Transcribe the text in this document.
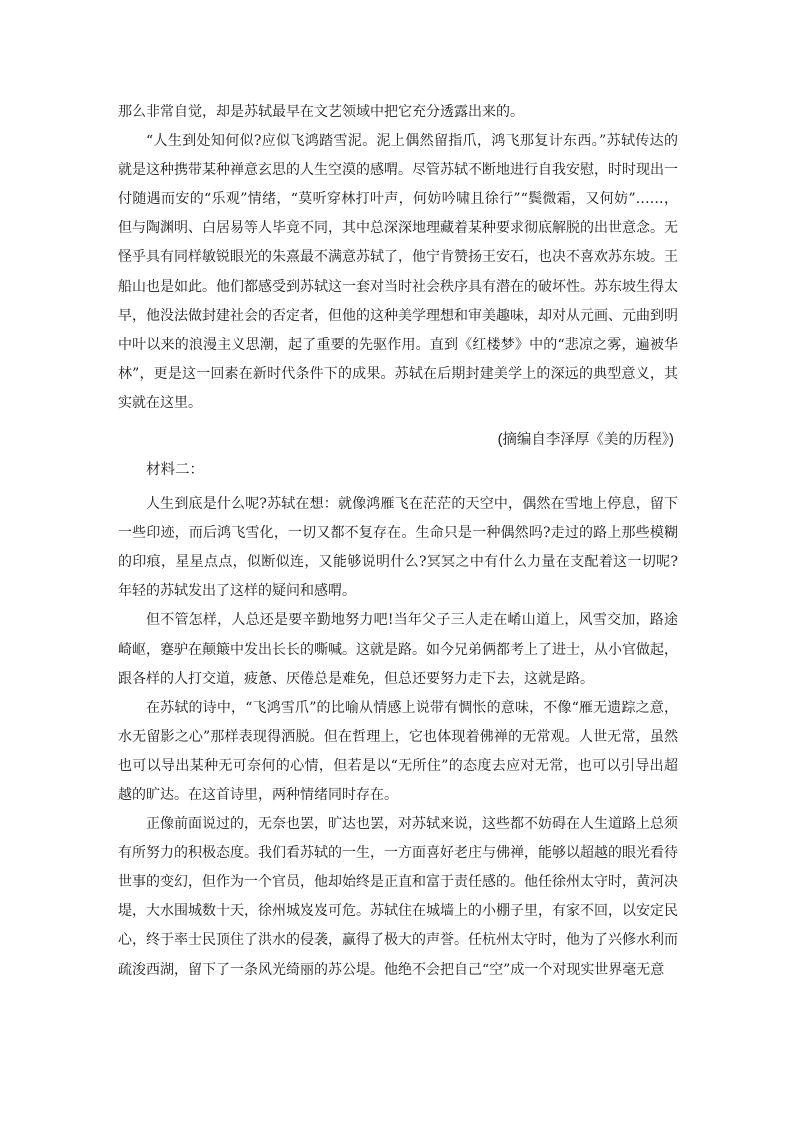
那么非常自觉，却是苏轼最早在文艺领域中把它充分透露出来的。

“人生到处知何似?应似飞鸿踏雪泥。泥上偶然留指爪，鸿飞那复计东西。”苏轼传达的就是这种携带某种禅意玄思的人生空漠的感喟。尽管苏轼不断地进行自我安慰，时时现出一付随遇而安的“乐观”情绪，“莫听穿林打叶声，何妨吟啸且徐行”“鬓微霜，又何妨”……，但与陶渊明、白居易等人毕竟不同，其中总深深地理藏着某种要求彻底解脱的出世意念。无怪乎具有同样敏锐眼光的朱熹最不满意苏轼了，他宁肯赞扬王安石，也决不喜欢苏东坡。王船山也是如此。他们都感受到苏轼这一套对当时社会秩序具有潜在的破坏性。苏东坡生得太早，他没法做封建社会的否定者，但他的这种美学理想和审美趣味，却对从元画、元曲到明中叶以来的浪漫主义思潮，起了重要的先驱作用。直到《红楼梦》中的“悲凉之雾，遍被华林”，更是这一回素在新时代条件下的成果。苏轼在后期封建美学上的深远的典型意义，其实就在这里。

(摘编自李泽厚《美的历程》)
材料二：

人生到底是什么呢?苏轼在想：就像鸿雁飞在茫茫的天空中，偶然在雪地上停息，留下一些印迹，而后鸿飞雪化，一切又都不复存在。生命只是一种偶然吗?走过的路上那些模糊的印痕，星星点点，似断似连，又能够说明什么?冥冥之中有什么力量在支配着这一切呢?年轻的苏轼发出了这样的疑问和感喟。

但不管怎样，人总还是要辛勤地努力吧!当年父子三人走在崤山道上，风雪交加，路途崎岖，蹇驴在颠簸中发出长长的嘶喊。这就是路。如今兄弟俩都考上了进士，从小官做起，跟各样的人打交道，疲惫、厌倦总是难免，但总还要努力走下去，这就是路。

在苏轼的诗中，“飞鸿雪爪”的比喻从情感上说带有惆怅的意味，不像“雁无遗踪之意，水无留影之心”那样表现得洒脱。但在哲理上，它也体现着佛禅的无常观。人世无常，虽然也可以导出某种无可奈何的心情，但若是以“无所住”的态度去应对无常，也可以引导出超越的旷达。在这首诗里，两种情绪同时存在。

正像前面说过的，无奈也罢，旷达也罢，对苏轼来说，这些都不妨碍在人生道路上总须有所努力的积极态度。我们看苏轼的一生，一方面喜好老庄与佛禅，能够以超越的眼光看待世事的变幻，但作为一个官员，他却始终是正直和富于责任感的。他任徐州太守时，黄河决堤，大水围城数十天，徐州城岌岌可危。苏轼住在城墙上的小棚子里，有家不回，以安定民心，终于率士民顶住了洪水的侵袭，赢得了极大的声誉。任杭州太守时，他为了兴修水利而疏浚西湖，留下了一条风光绮丽的苏公堤。他绝不会把自己“空”成一个对现实世界毫无意
